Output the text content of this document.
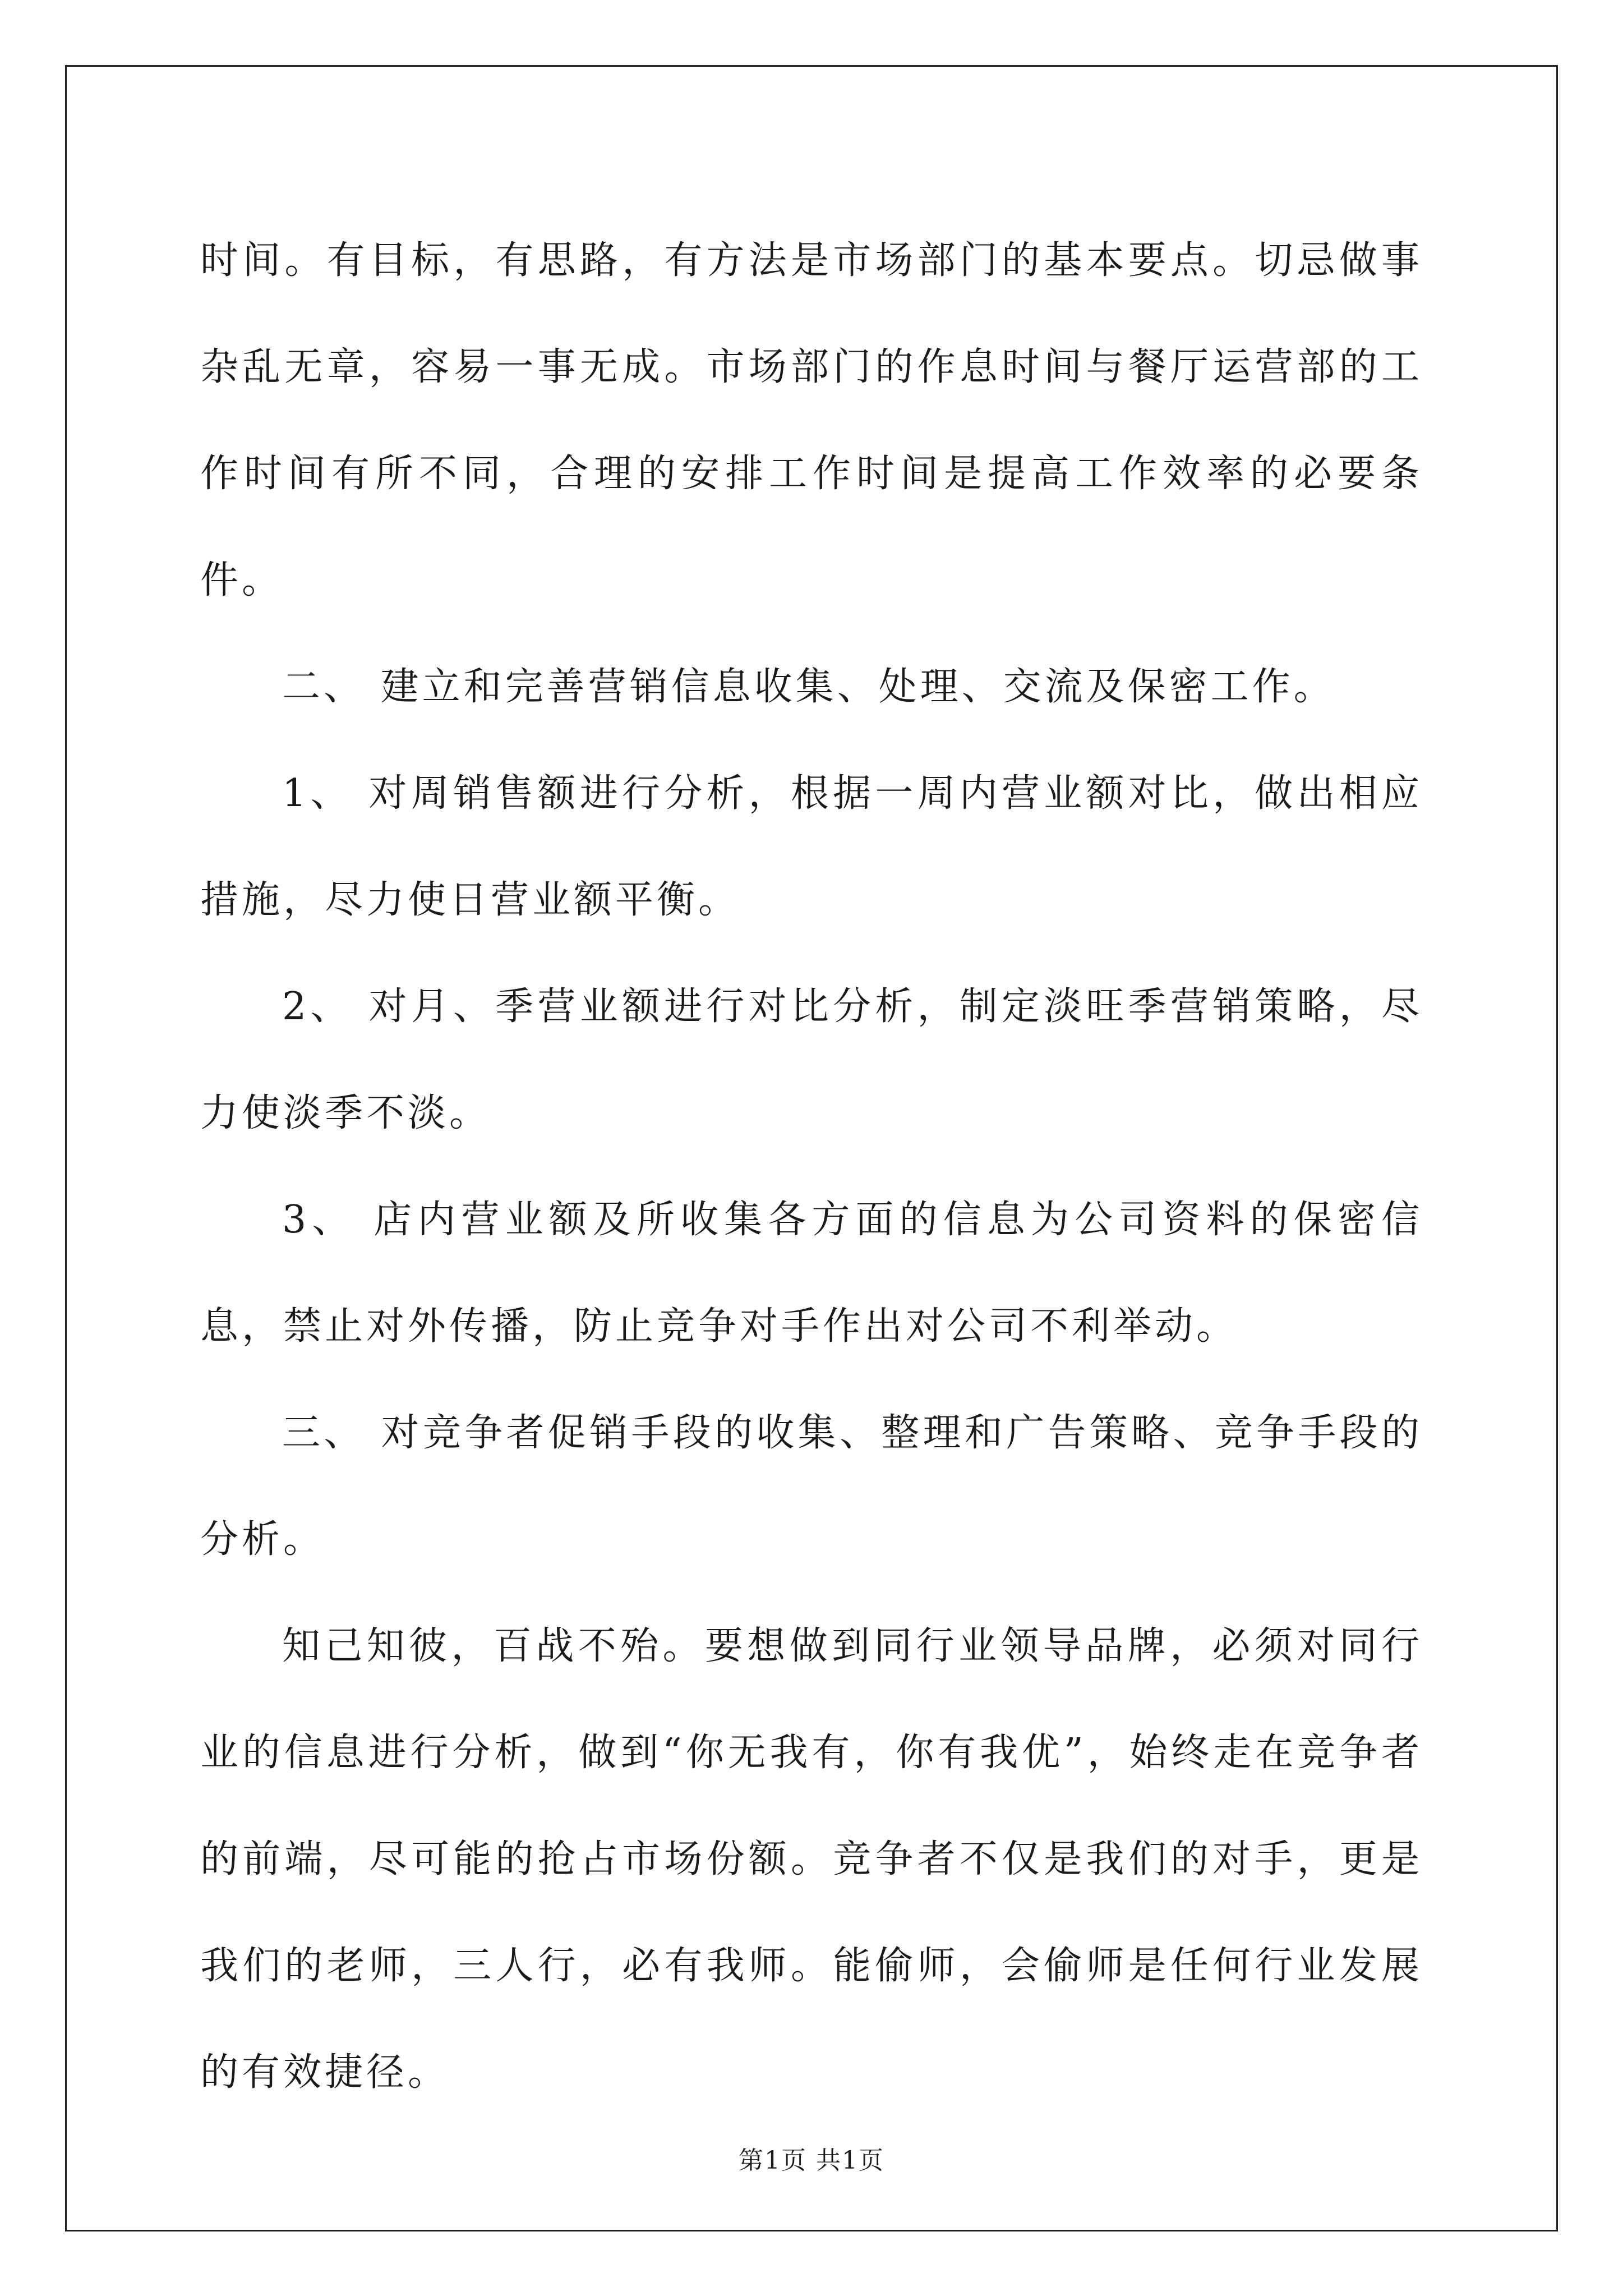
时间。有目标，有思路，有方法是市场部门的基本要点。切忌做事杂乱无章，容易一事无成。市场部门的作息时间与餐厅运营部的工作时间有所不同，合理的安排工作时间是提高工作效率的必要条件。

二、 建立和完善营销信息收集、处理、交流及保密工作。

1、 对周销售额进行分析，根据一周内营业额对比，做出相应措施，尽力使日营业额平衡。

2、 对月、季营业额进行对比分析，制定淡旺季营销策略，尽力使淡季不淡。

3、 店内营业额及所收集各方面的信息为公司资料的保密信息，禁止对外传播，防止竞争对手作出对公司不利举动。

三、 对竞争者促销手段的收集、整理和广告策略、竞争手段的分析。

知己知彼，百战不殆。要想做到同行业领导品牌，必须对同行业的信息进行分析，做到“你无我有，你有我优”，始终走在竞争者的前端，尽可能的抢占市场份额。竞争者不仅是我们的对手，更是我们的老师，三人行，必有我师。能偷师，会偷师是任何行业发展的有效捷径。

第1页 共1页
